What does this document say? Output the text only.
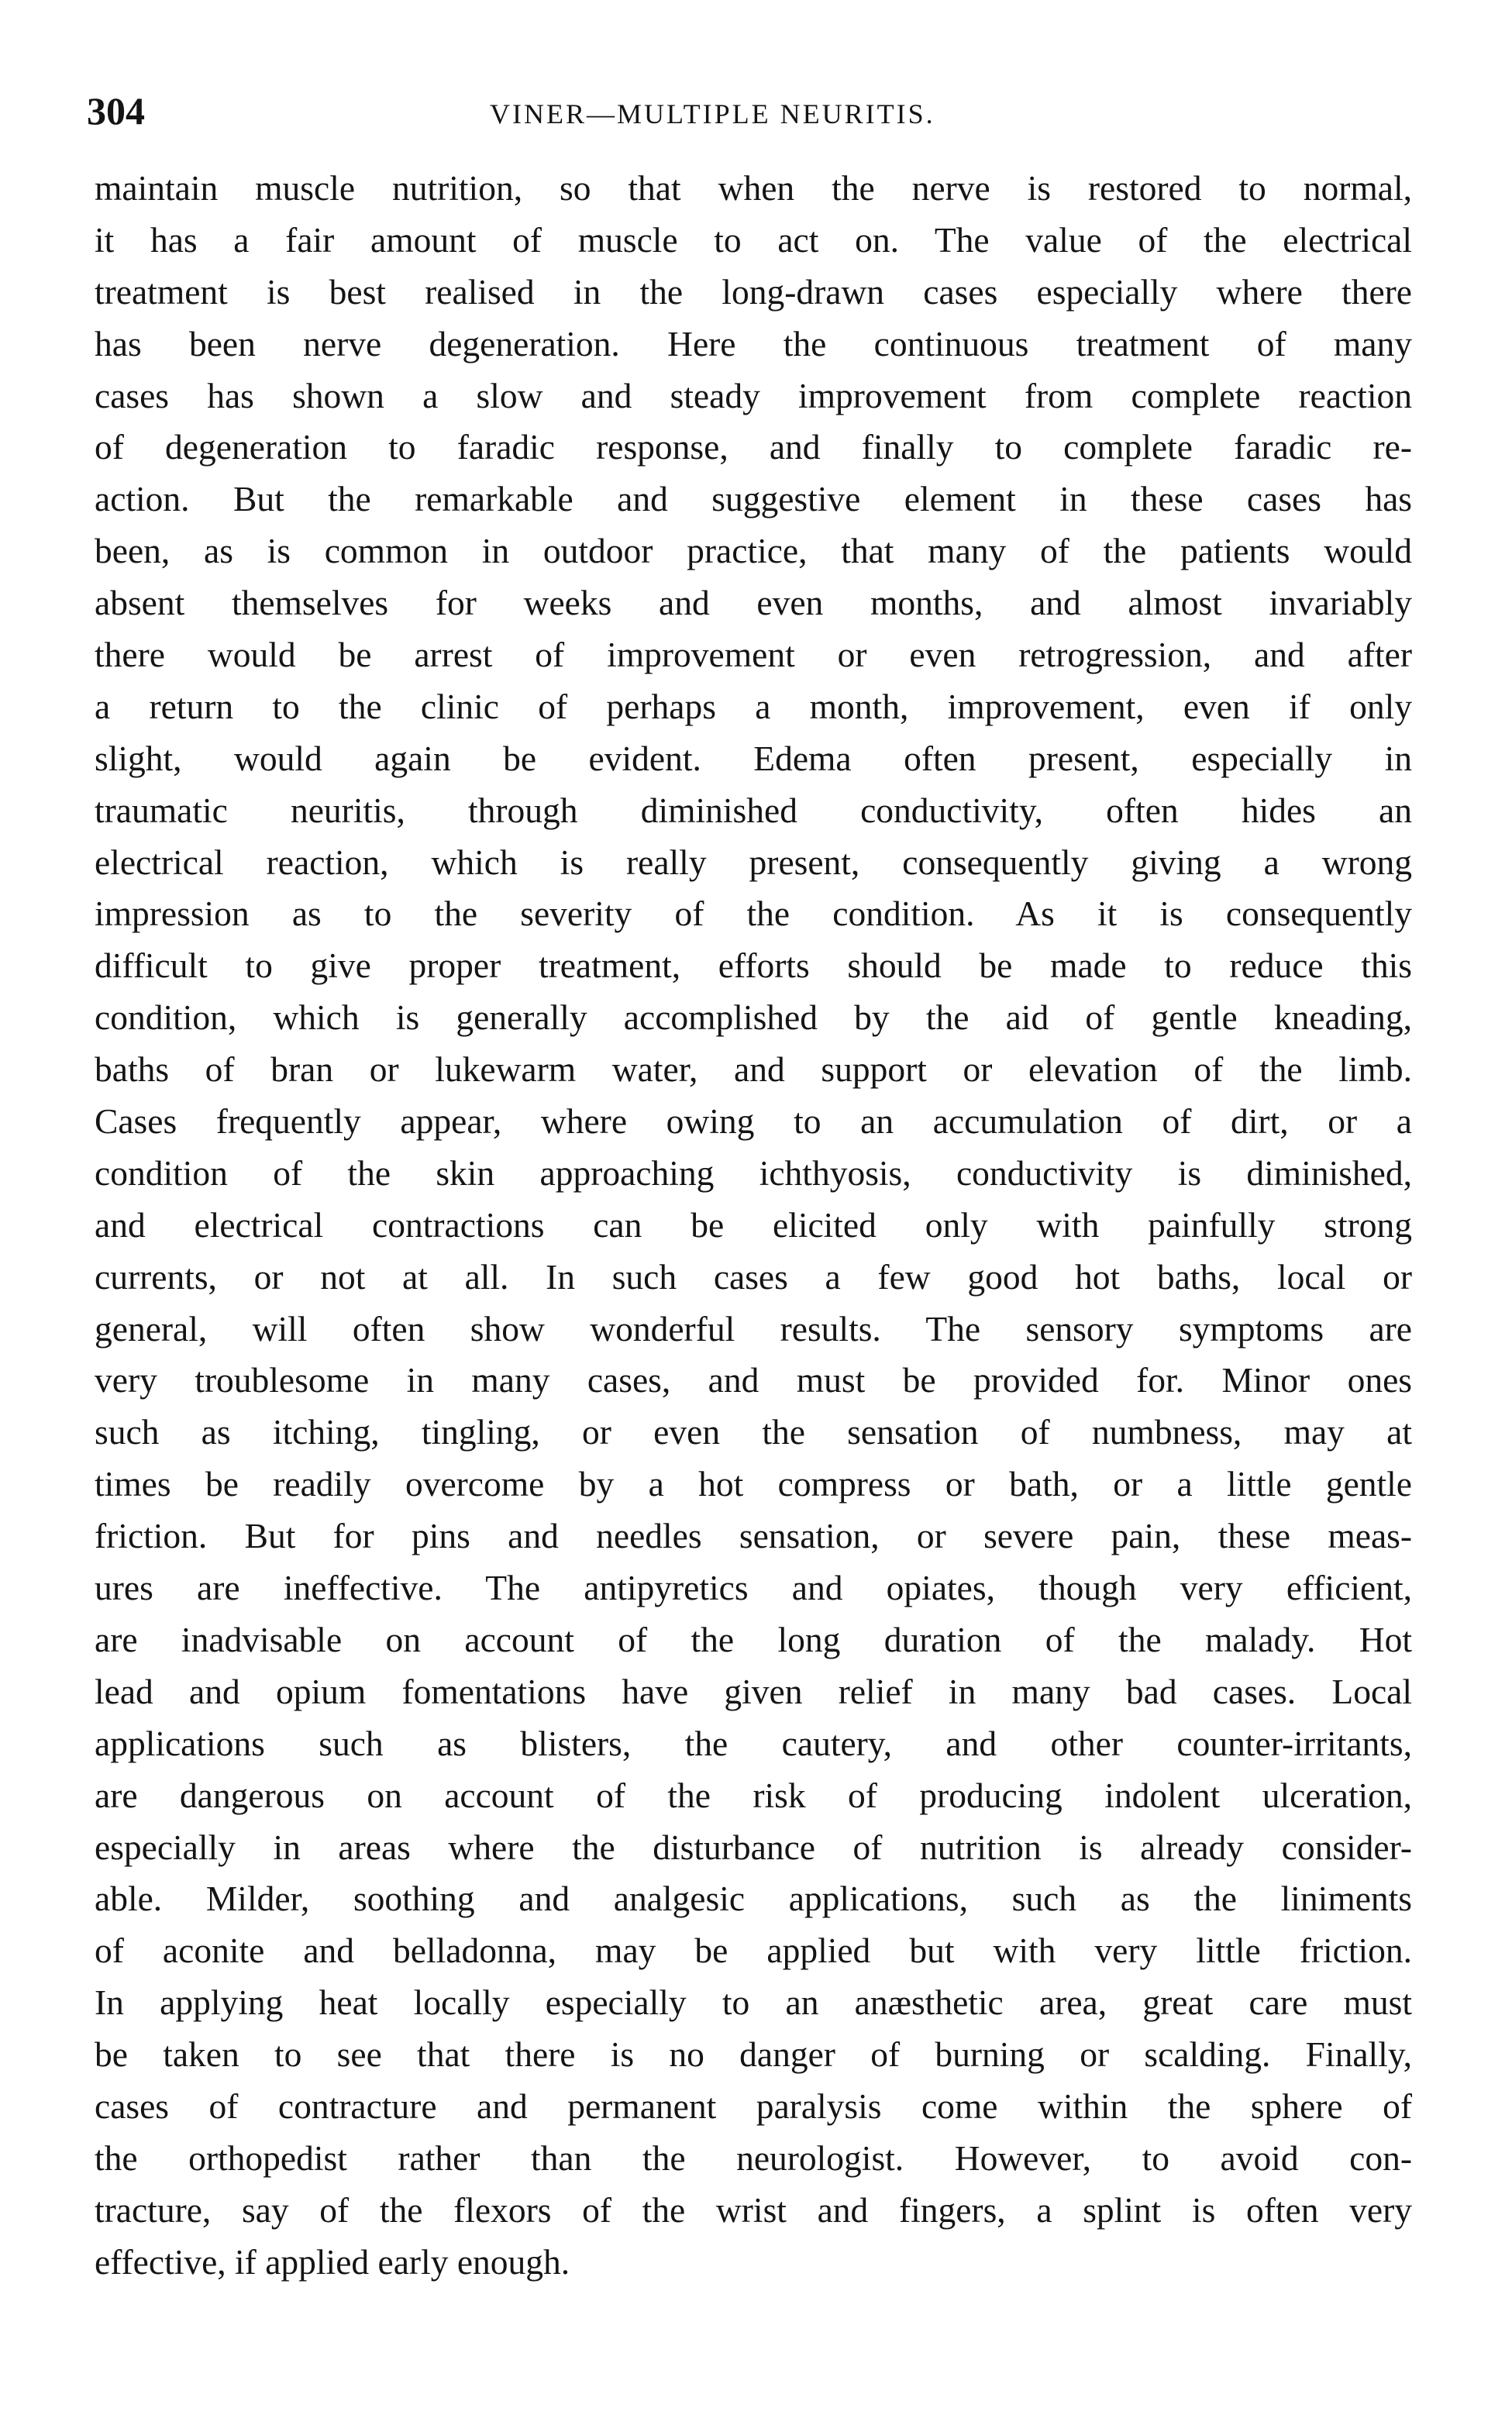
304	VINER—MULTIPLE NEURITIS.
maintain muscle nutrition, so that when the nerve is restored to normal,
it has a fair amount of muscle to act on. The value of the electrical
treatment is best realised in the long-drawn cases especially where there
has been nerve degeneration. Here the continuous treatment of many
cases has shown a slow and steady improvement from complete reaction
of degeneration to faradic response, and finally to complete faradic re-
action. But the remarkable and suggestive element in these cases has
been, as is common in outdoor practice, that many of the patients would
absent themselves for weeks and even months, and almost invariably
there would be arrest of improvement or even retrogression, and after
a return to the clinic of perhaps a month, improvement, even if only
slight, would again be evident. Edema often present, especially in
traumatic neuritis, through diminished conductivity, often hides an
electrical reaction, which is really present, consequently giving a wrong
impression as to the severity of the condition. As it is consequently
difficult to give proper treatment, efforts should be made to reduce this
condition, which is generally accomplished by the aid of gentle kneading,
baths of bran or lukewarm water, and support or elevation of the limb.
Cases frequently appear, where owing to an accumulation of dirt, or a
condition of the skin approaching ichthyosis, conductivity is diminished,
and electrical contractions can be elicited only with painfully strong
currents, or not at all. In such cases a few good hot baths, local or
general, will often show wonderful results. The sensory symptoms are
very troublesome in many cases, and must be provided for. Minor ones
such as itching, tingling, or even the sensation of numbness, may at
times be readily overcome by a hot compress or bath, or a little gentle
friction. But for pins and needles sensation, or severe pain, these meas-
ures are ineffective. The antipyretics and opiates, though very efficient,
are inadvisable on account of the long duration of the malady. Hot
lead and opium fomentations have given relief in many bad cases. Local
applications such as blisters, the cautery, and other counter-irritants,
are dangerous on account of the risk of producing indolent ulceration,
especially in areas where the disturbance of nutrition is already consider-
able. Milder, soothing and analgesic applications, such as the liniments
of aconite and belladonna, may be applied but with very little friction.
In applying heat locally especially to an anæsthetic area, great care must
be taken to see that there is no danger of burning or scalding. Finally,
cases of contracture and permanent paralysis come within the sphere of
the orthopedist rather than the neurologist. However, to avoid con-
tracture, say of the flexors of the wrist and fingers, a splint is often very
effective, if applied early enough.
